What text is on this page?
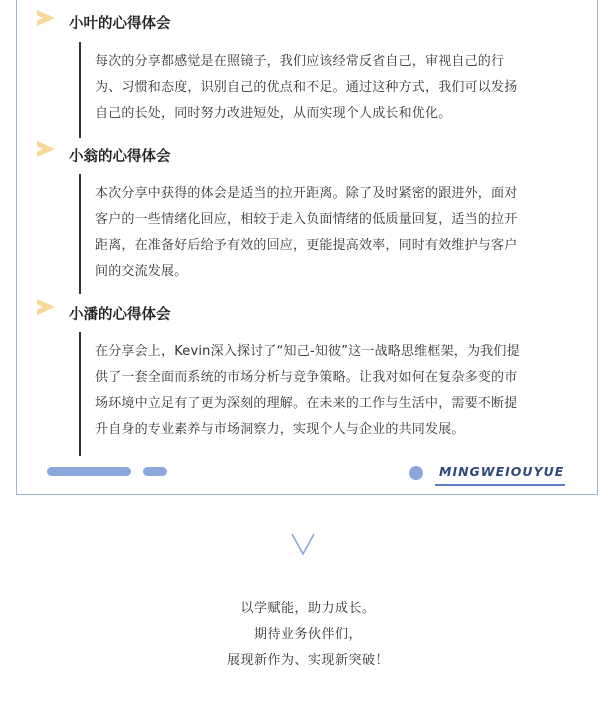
小叶的心得体会
每次的分享都感觉是在照镜子，我们应该经常反省自己，审视自己的行
为、习惯和态度，识别自己的优点和不足。通过这种方式，我们可以发扬
自己的长处，同时努力改进短处，从而实现个人成长和优化。
小翁的心得体会
本次分享中获得的体会是适当的拉开距离。除了及时紧密的跟进外，面对
客户的一些情绪化回应，相较于走入负面情绪的低质量回复，适当的拉开
距离，在准备好后给予有效的回应，更能提高效率，同时有效维护与客户
间的交流发展。
小潘的心得体会
在分享会上，Kevin深入探讨了“知己-知彼”这一战略思维框架，为我们提
供了一套全面而系统的市场分析与竞争策略。让我对如何在复杂多变的市
场环境中立足有了更为深刻的理解。在未来的工作与生活中，需要不断提
升自身的专业素养与市场洞察力，实现个人与企业的共同发展。
MINGWEIOUYUE
以学赋能，助力成长。
期待业务伙伴们，
展现新作为、实现新突破！
